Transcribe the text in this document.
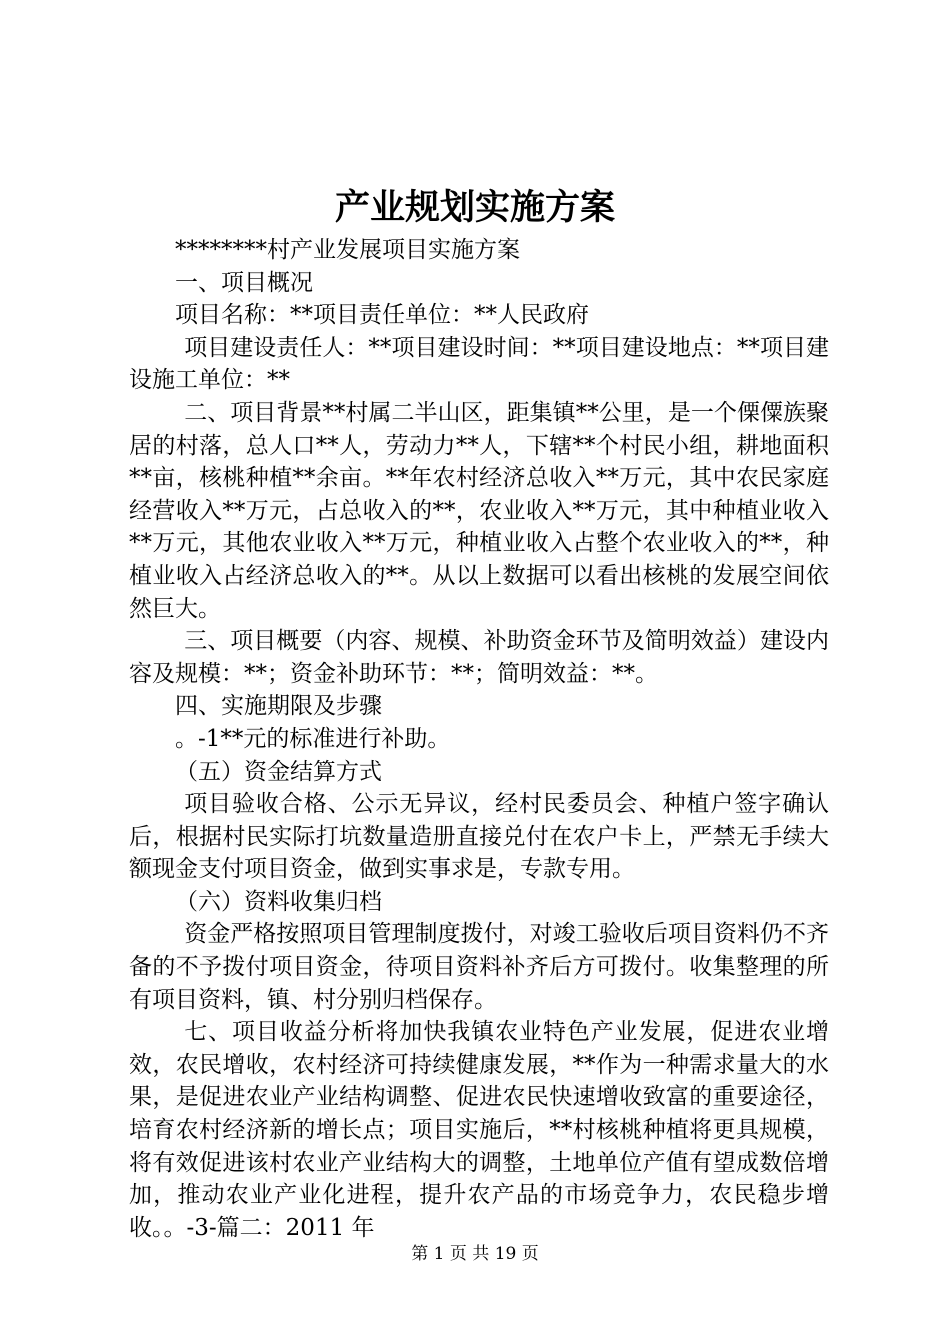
产业规划实施方案

********村产业发展项目实施方案

一、项目概况

项目名称：**项目责任单位：**人民政府

项目建设责任人：**项目建设时间：**项目建设地点：**项目建设施工单位：**

二、项目背景**村属二半山区，距集镇**公里，是一个傈僳族聚居的村落，总人口**人，劳动力**人，下辖**个村民小组，耕地面积**亩，核桃种植**余亩。**年农村经济总收入**万元，其中农民家庭经营收入**万元，占总收入的**，农业收入**万元，其中种植业收入**万元，其他农业收入**万元，种植业收入占整个农业收入的**，种植业收入占经济总收入的**。从以上数据可以看出核桃的发展空间依然巨大。

三、项目概要（内容、规模、补助资金环节及简明效益）建设内容及规模：**；资金补助环节：**；简明效益：**。

四、实施期限及步骤

。-1**元的标准进行补助。

（五）资金结算方式

项目验收合格、公示无异议，经村民委员会、种植户签字确认后，根据村民实际打坑数量造册直接兑付在农户卡上，严禁无手续大额现金支付项目资金，做到实事求是，专款专用。

（六）资料收集归档

资金严格按照项目管理制度拨付，对竣工验收后项目资料仍不齐备的不予拨付项目资金，待项目资料补齐后方可拨付。收集整理的所有项目资料，镇、村分别归档保存。

七、项目收益分析将加快我镇农业特色产业发展，促进农业增效，农民增收，农村经济可持续健康发展，**作为一种需求量大的水果，是促进农业产业结构调整、促进农民快速增收致富的重要途径，培育农村经济新的增长点；项目实施后，**村核桃种植将更具规模，将有效促进该村农业产业结构大的调整，土地单位产值有望成数倍增加，推动农业产业化进程，提升农产品的市场竞争力，农民稳步增收。。-3-篇二：2011 年

第 1 页 共 19 页
